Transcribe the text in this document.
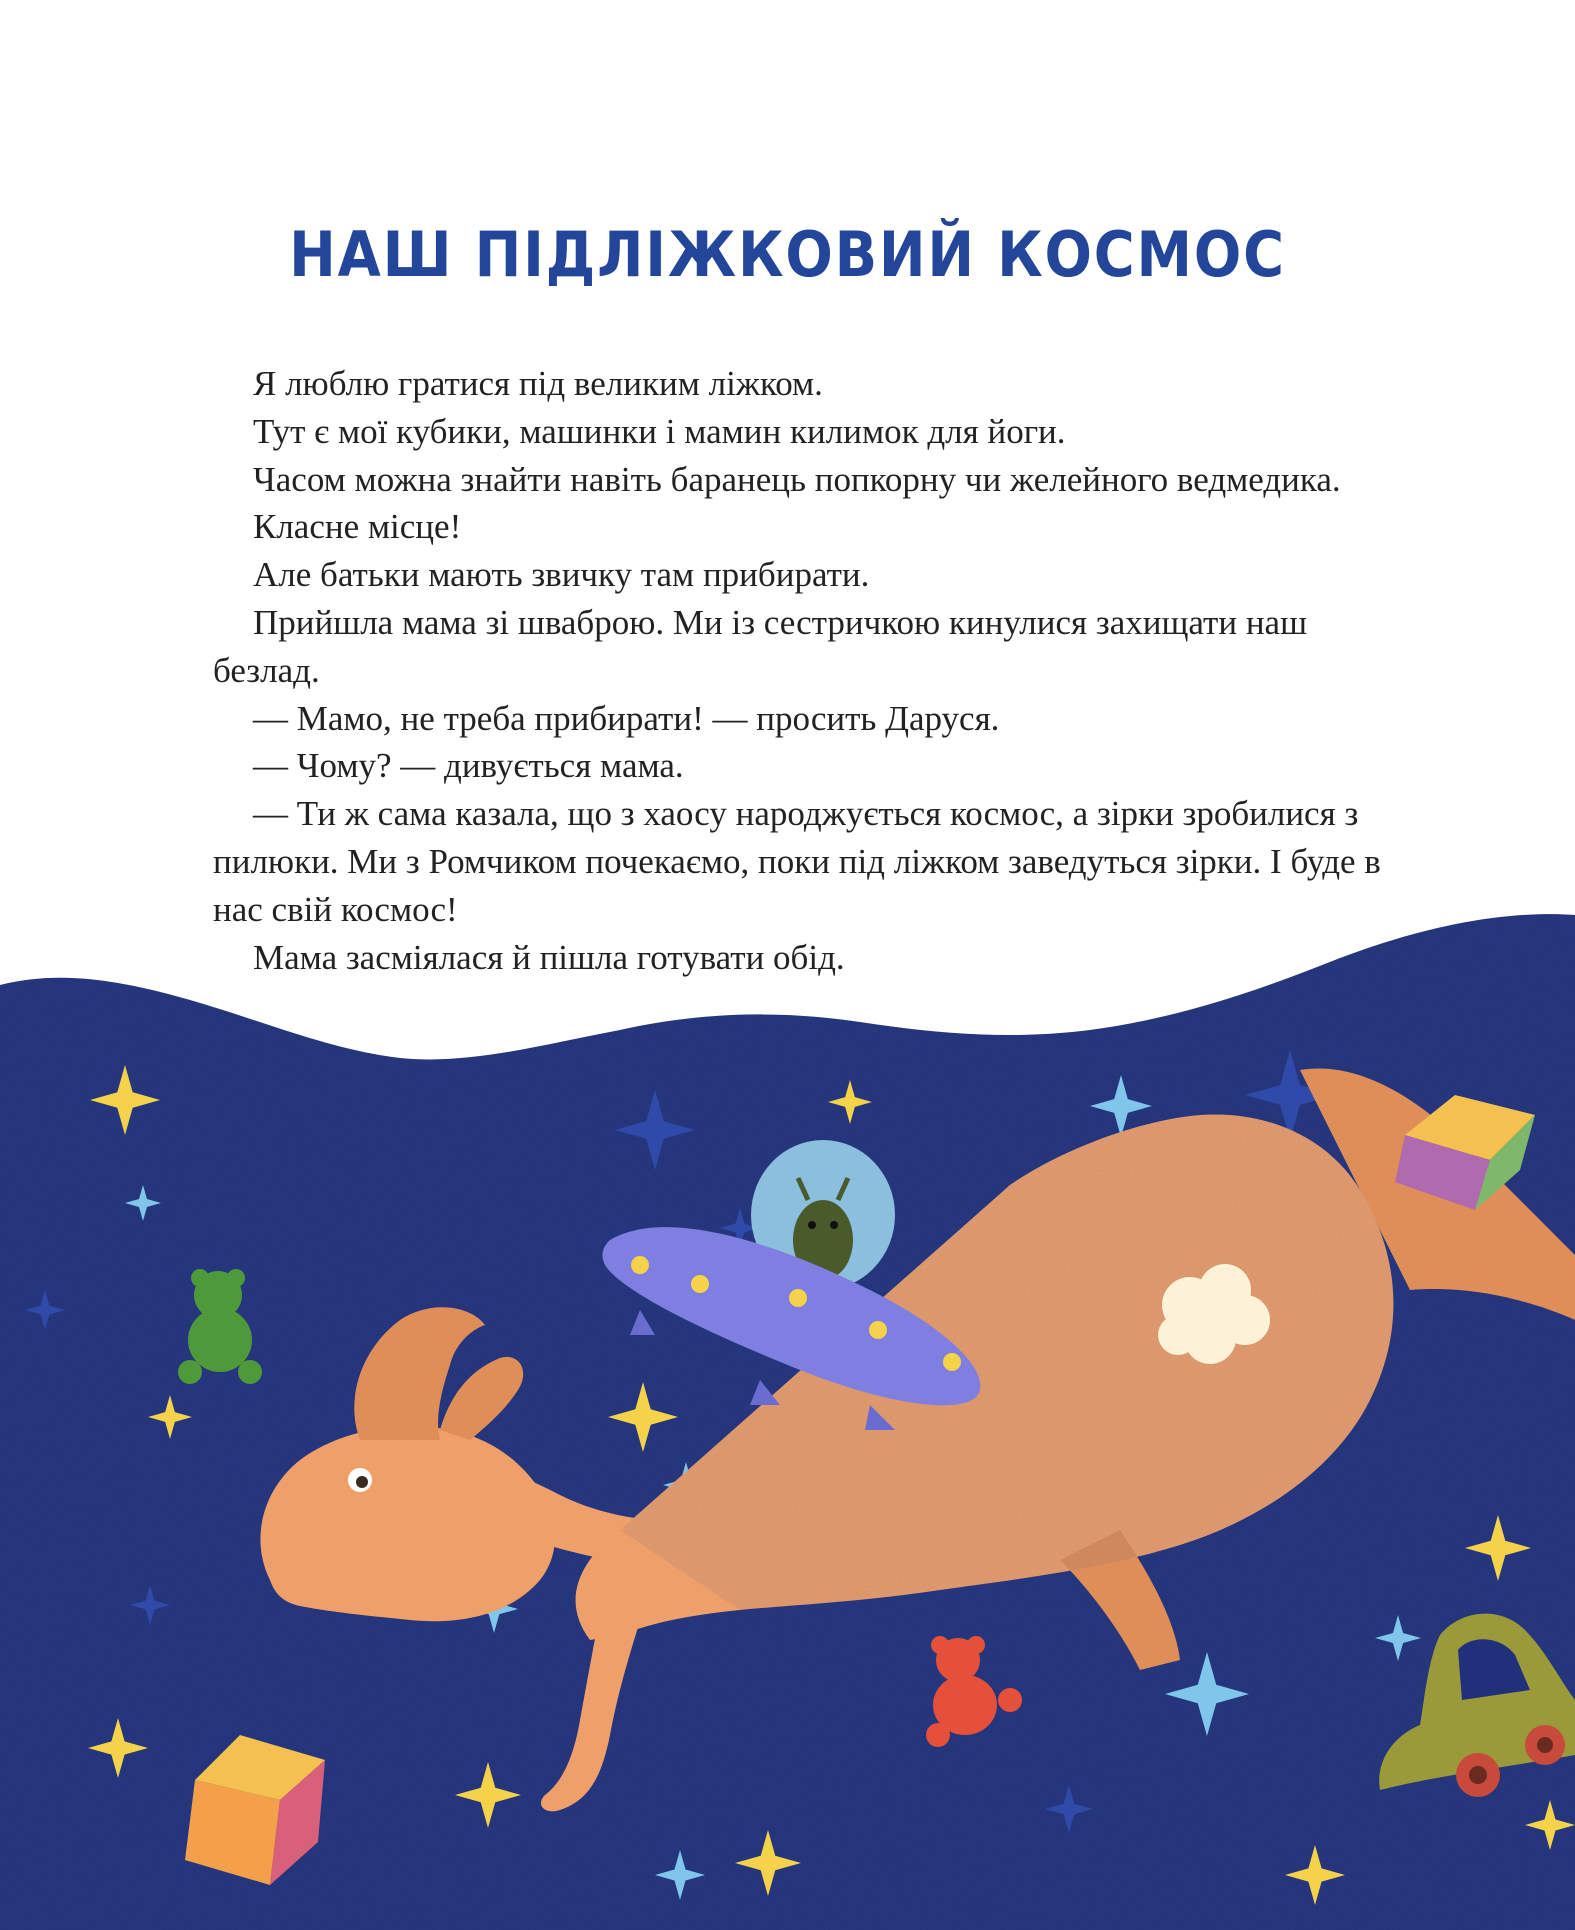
НАШ ПІДЛІЖКОВИЙ КОСМОС

Я люблю гратися під великим ліжком.

Тут є мої кубики, машинки і мамин килимок для йоги.

Часом можна знайти навіть баранець попкорну чи желейного ведмедика.

Класне місце!

Але батьки мають звичку там прибирати.

Прийшла мама зі шваброю. Ми із сестричкою кинулися захищати наш безлад.

— Мамо, не треба прибирати! — просить Даруся.

— Чому? — дивується мама.

— Ти ж сама казала, що з хаосу народжується космос, а зірки зробилися з пилюки. Ми з Ромчиком почекаємо, поки під ліжком заведуться зірки. І буде в нас свій космос!

Мама засміялася й пішла готувати обід.
